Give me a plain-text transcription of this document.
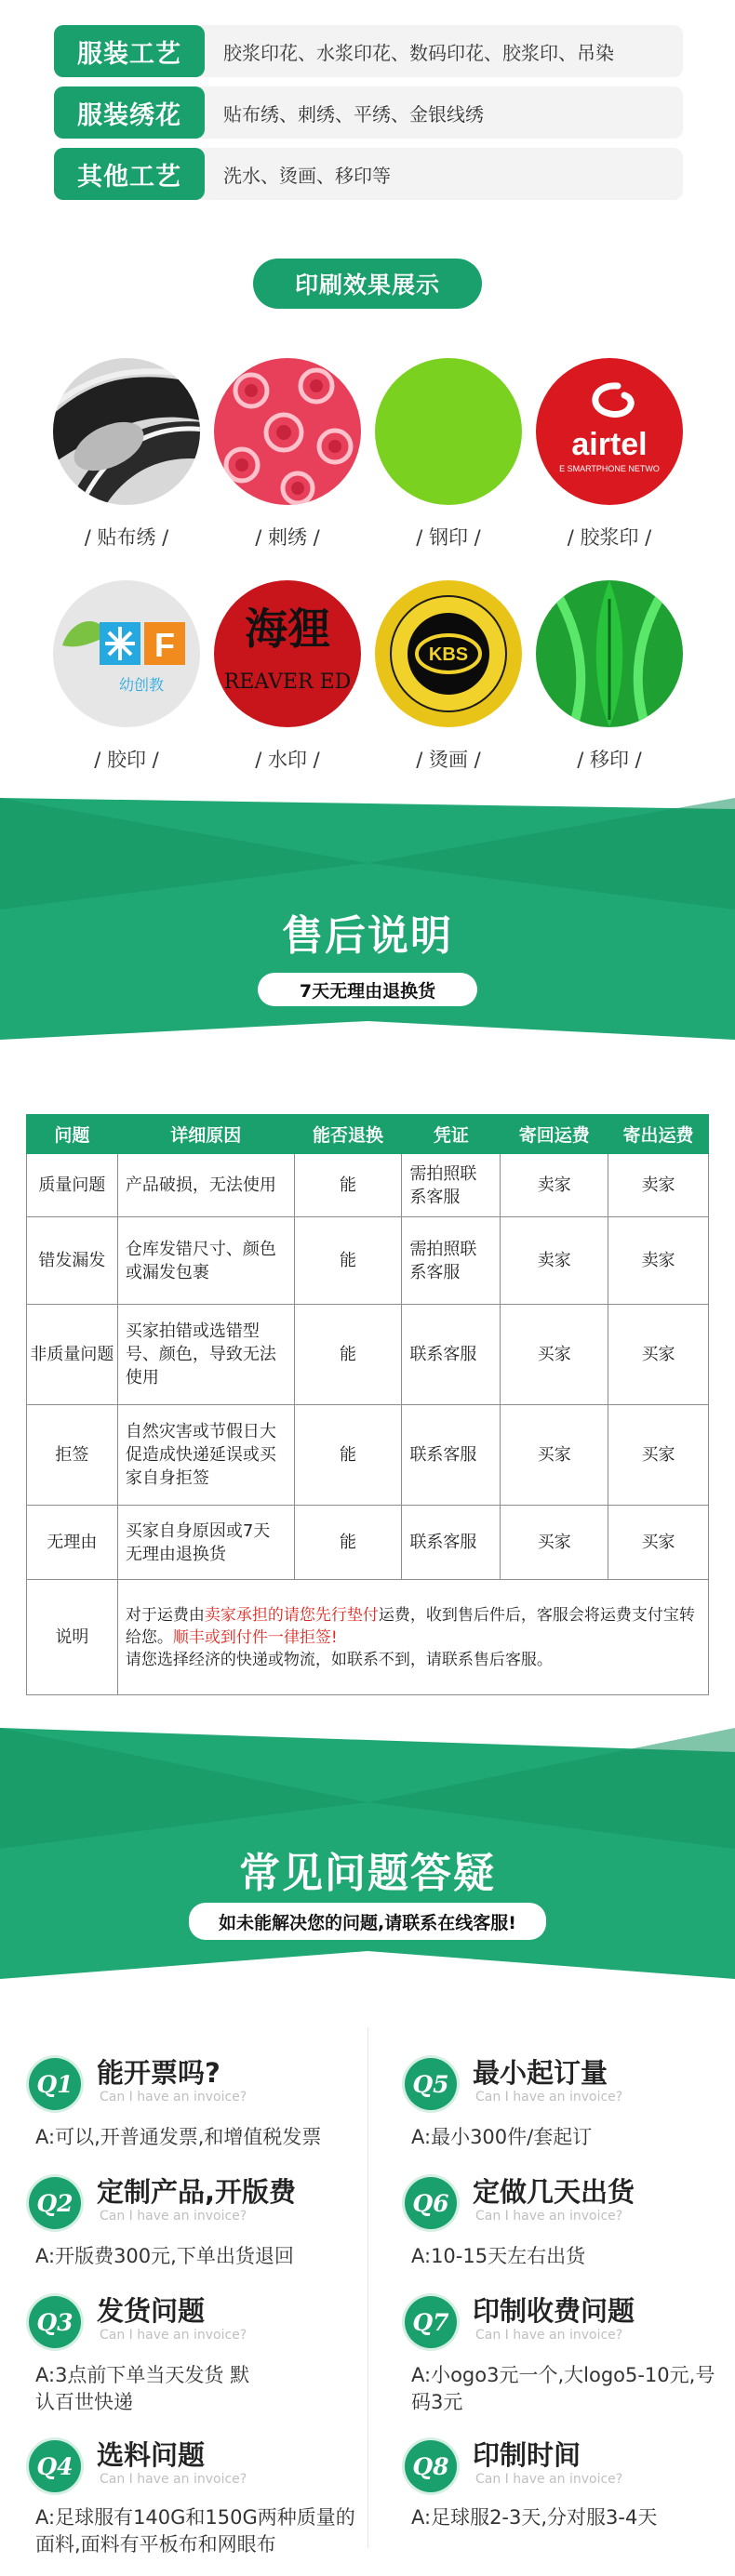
服装工艺	胶浆印花、水浆印花、数码印花、胶浆印、吊染
服装绣花	贴布绣、刺绣、平绣、金银线绣
其他工艺	洗水、烫画、移印等
印刷效果展示
airtel
E SMARTPHONE NETWO
/ 贴布绣 /	/ 刺绣 /	/ 钢印 /	/ 胶浆印 /
F
幼创教
海狸
REAVER ED
KBS
/ 胶印 /	/ 水印 /	/ 烫画 /	/ 移印 /
售后说明
7天无理由退换货
问题	详细原因	能否退换	凭证	寄回运费	寄出运费
质量问题	产品破损，无法使用	能	需拍照联系客服	卖家	卖家
错发漏发	仓库发错尺寸、颜色或漏发包裹	能	需拍照联系客服	卖家	卖家
非质量问题	买家拍错或选错型号、颜色，导致无法使用	能	联系客服	买家	买家
拒签	自然灾害或节假日大促造成快递延误或买家自身拒签	能	联系客服	买家	买家
无理由	买家自身原因或7天无理由退换货	能	联系客服	买家	买家
说明	对于运费由卖家承担的请您先行垫付运费，收到售后件后，客服会将运费支付宝转给您。顺丰或到付件一律拒签!
请您选择经济的快递或物流，如联系不到，请联系售后客服。				
常见问题答疑
如未能解决您的问题,请联系在线客服!
Q1 能开票吗?
Can I have an invoice?
A:可以,开普通发票,和增值税发票
Q2 定制产品,开版费
Can I have an invoice?
A:开版费300元,下单出货退回
Q3 发货问题
Can I have an invoice?
A:3点前下单当天发货 默认百世快递
Q4 选料问题
Can I have an invoice?
A:足球服有140G和150G两种质量的面料,面料有平板布和网眼布
Q5 最小起订量
Can I have an invoice?
A:最小300件/套起订
Q6 定做几天出货
Can I have an invoice?
A:10-15天左右出货
Q7 印制收费问题
Can I have an invoice?
A:小ogo3元一个,大logo5-10元,号码3元
Q8 印制时间
Can I have an invoice?
A:足球服2-3天,分对服3-4天
